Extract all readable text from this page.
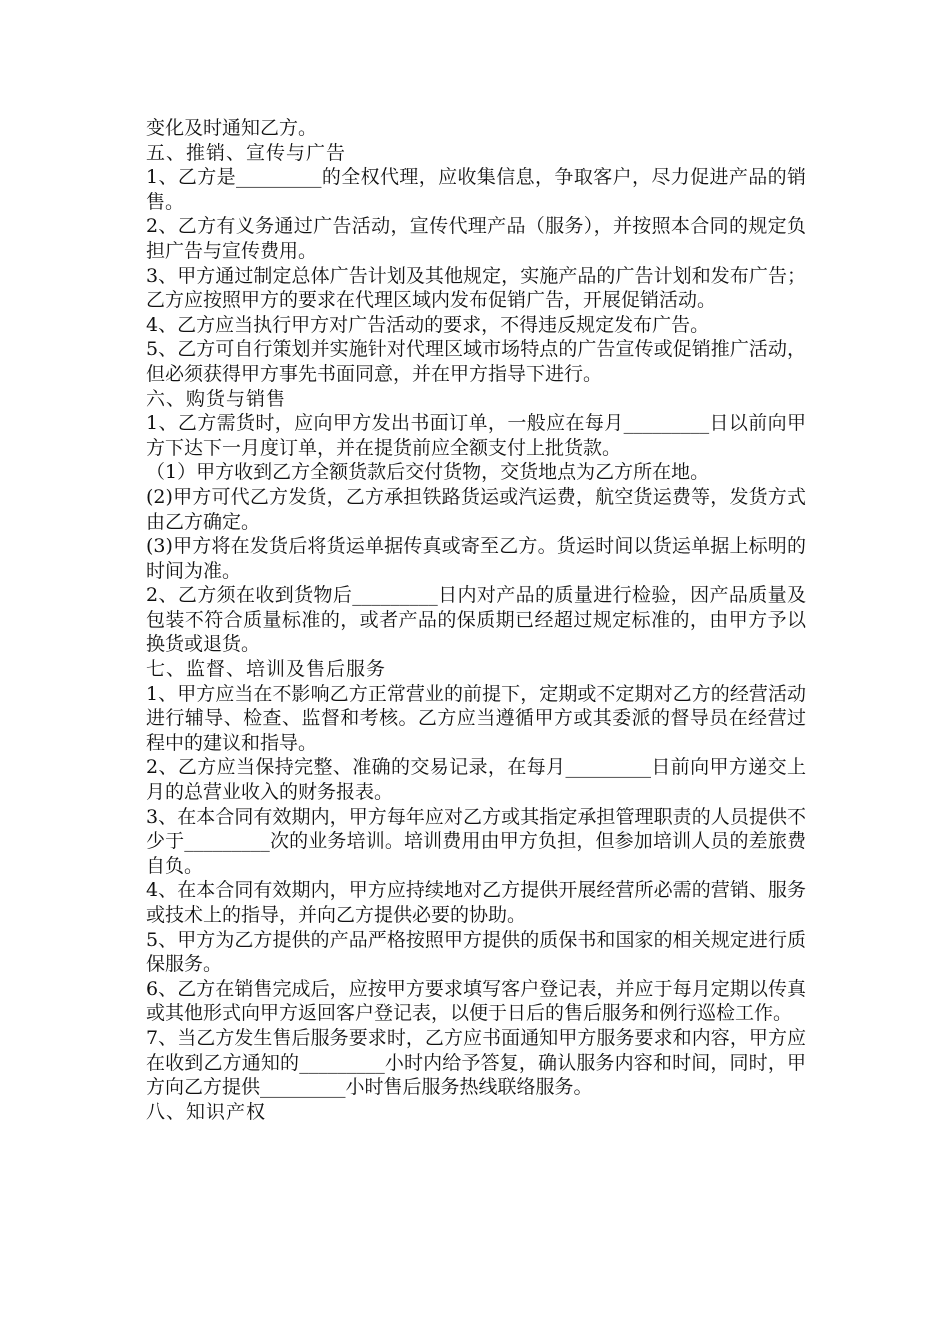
变化及时通知乙方。

五、推销、宣传与广告

1、乙方是_________的全权代理，应收集信息，争取客户，尽力促进产品的销售。

2、乙方有义务通过广告活动，宣传代理产品（服务），并按照本合同的规定负担广告与宣传费用。

3、甲方通过制定总体广告计划及其他规定，实施产品的广告计划和发布广告；乙方应按照甲方的要求在代理区域内发布促销广告，开展促销活动。

4、乙方应当执行甲方对广告活动的要求，不得违反规定发布广告。

5、乙方可自行策划并实施针对代理区域市场特点的广告宣传或促销推广活动，但必须获得甲方事先书面同意，并在甲方指导下进行。

六、购货与销售

1、乙方需货时，应向甲方发出书面订单，一般应在每月_________日以前向甲方下达下一月度订单，并在提货前应全额支付上批货款。

（1）甲方收到乙方全额货款后交付货物，交货地点为乙方所在地。

(2)甲方可代乙方发货，乙方承担铁路货运或汽运费，航空货运费等，发货方式由乙方确定。

(3)甲方将在发货后将货运单据传真或寄至乙方。货运时间以货运单据上标明的时间为准。

2、乙方须在收到货物后_________日内对产品的质量进行检验，因产品质量及包装不符合质量标准的，或者产品的保质期已经超过规定标准的，由甲方予以换货或退货。

七、监督、培训及售后服务

1、甲方应当在不影响乙方正常营业的前提下，定期或不定期对乙方的经营活动进行辅导、检查、监督和考核。乙方应当遵循甲方或其委派的督导员在经营过程中的建议和指导。

2、乙方应当保持完整、准确的交易记录，在每月_________日前向甲方递交上月的总营业收入的财务报表。

3、在本合同有效期内，甲方每年应对乙方或其指定承担管理职责的人员提供不少于_________次的业务培训。培训费用由甲方负担，但参加培训人员的差旅费自负。

4、在本合同有效期内，甲方应持续地对乙方提供开展经营所必需的营销、服务或技术上的指导，并向乙方提供必要的协助。

5、甲方为乙方提供的产品严格按照甲方提供的质保书和国家的相关规定进行质保服务。

6、乙方在销售完成后，应按甲方要求填写客户登记表，并应于每月定期以传真或其他形式向甲方返回客户登记表，以便于日后的售后服务和例行巡检工作。

7、当乙方发生售后服务要求时，乙方应书面通知甲方服务要求和内容，甲方应在收到乙方通知的_________小时内给予答复，确认服务内容和时间，同时，甲方向乙方提供_________小时售后服务热线联络服务。

八、知识产权
